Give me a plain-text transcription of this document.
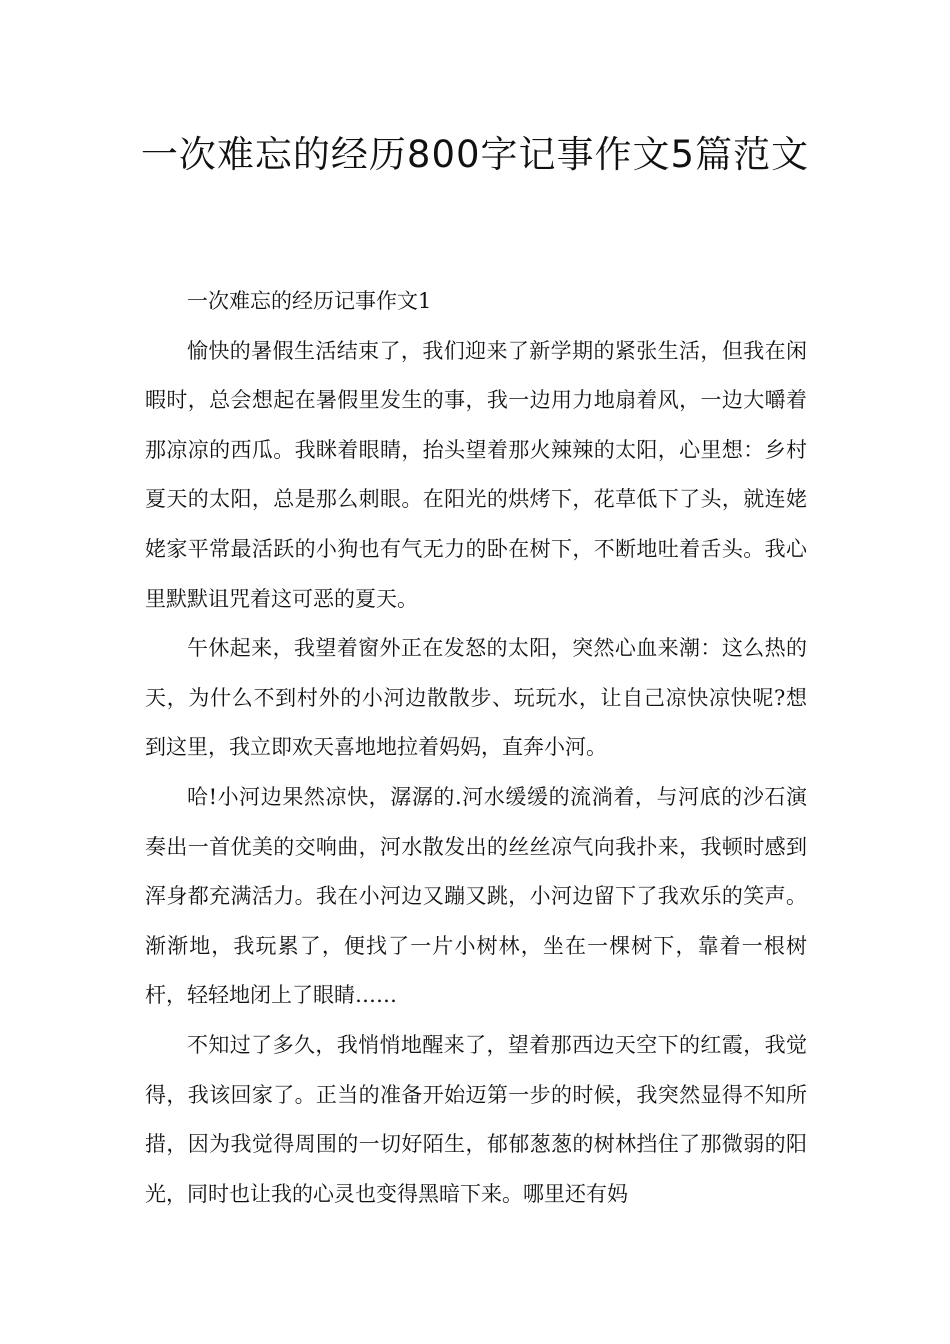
一次难忘的经历800字记事作文5篇范文

一次难忘的经历记事作文1

愉快的暑假生活结束了，我们迎来了新学期的紧张生活，但我在闲暇时，总会想起在暑假里发生的事，我一边用力地扇着风，一边大嚼着那凉凉的西瓜。我眯着眼睛，抬头望着那火辣辣的太阳，心里想：乡村夏天的太阳，总是那么刺眼。在阳光的烘烤下，花草低下了头，就连姥姥家平常最活跃的小狗也有气无力的卧在树下，不断地吐着舌头。我心里默默诅咒着这可恶的夏天。

午休起来，我望着窗外正在发怒的太阳，突然心血来潮：这么热的天，为什么不到村外的小河边散散步、玩玩水，让自己凉快凉快呢?想到这里，我立即欢天喜地地拉着妈妈，直奔小河。

哈!小河边果然凉快，潺潺的.河水缓缓的流淌着，与河底的沙石演奏出一首优美的交响曲，河水散发出的丝丝凉气向我扑来，我顿时感到浑身都充满活力。我在小河边又蹦又跳，小河边留下了我欢乐的笑声。渐渐地，我玩累了，便找了一片小树林，坐在一棵树下，靠着一根树杆，轻轻地闭上了眼睛……

不知过了多久，我悄悄地醒来了，望着那西边天空下的红霞，我觉得，我该回家了。正当的准备开始迈第一步的时候，我突然显得不知所措，因为我觉得周围的一切好陌生，郁郁葱葱的树林挡住了那微弱的阳光，同时也让我的心灵也变得黑暗下来。哪里还有妈
